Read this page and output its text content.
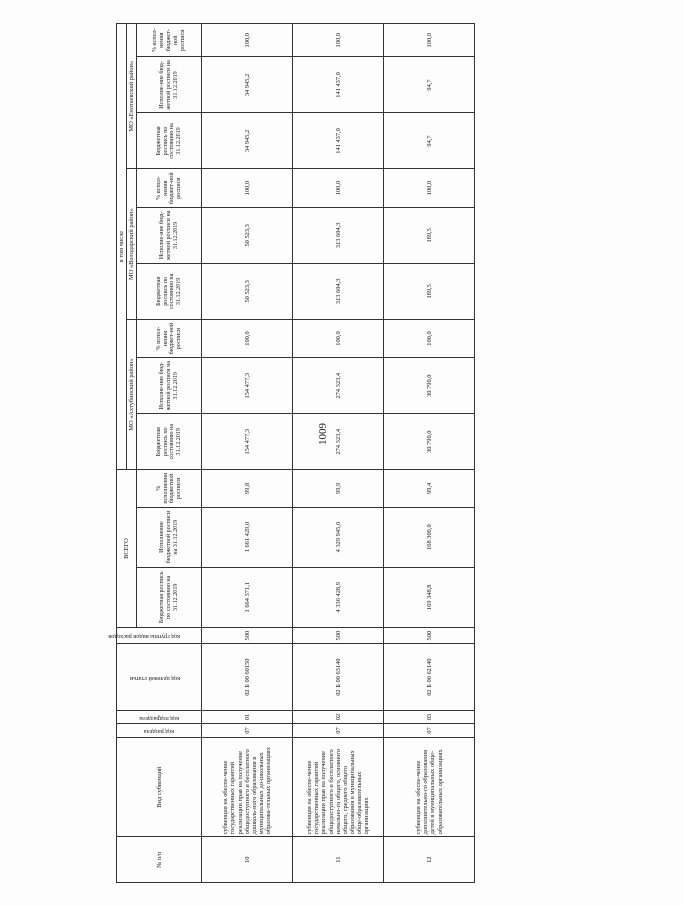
1009
№ п/п	Вид субвенций	код раздела	код подраздела	код целевой статьи	код группы видов расходов	ВСЕГО			в том числе								
									МО «Ахтубинский район»			МО «Володарский район»			МО «Енотаевский район»		
						Бюджетная роспись по состоянию на 31.12.2019	Исполнение бюджетной росписи на 31.12.2019	% исполнения бюджетной росписи	Бюджетная роспись по состоянию на 31.12.2019	Исполне-ние бюд-жетной росписи на 31.12.2019	% испол-нения бюджет-ной росписи	Бюджетная роспись по состоянию на 31.12.2019	Исполне-ние бюд-жетной росписи на 31.12.2019	% испол-нения бюджет-ной росписи	Бюджетная роспись по состоянию на 31.12.2019	Исполне-ние бюд-жетной росписи на 31.12.2019	% испол-нения бюджет-ной росписи
10	субвенция на обеспе-чение государственных гарантий реализации прав на получение общедоступного и бесплатного дошколь-ного образования в муниципальных до-школьных образова-тельных организациях	07	01	02 Б 00 60150	500	1 664 371,1	1 661 429,0	99,8	154 477,3	154 477,3	100,0	50 523,3	50 523,3	100,0	34 945,2	34 945,2	100,0
11	субвенция на обеспе-чение государственных гарантий реализации прав на получение общедоступного и бесплатного начально-го общего, основного общего, среднего общего образования в муниципальных обще-образовательных организациях	07	02	02 Б 00 63140	500	4 336 428,9	4 329 945,0	99,9	274 323,4	274 323,4	100,0	313 604,3	313 604,3	100,0	141 437,0	141 437,0	100,0
12	субвенция на обеспе-чение дополнительно-го образования детей в муниципальных обще-образовательных организациях	07	03	02 Б 00 62140	500	169 348,8	168 309,0	99,4	30 790,0	30 790,0	100,0	189,5	189,5	100,0	94,7	94,7	100,0
